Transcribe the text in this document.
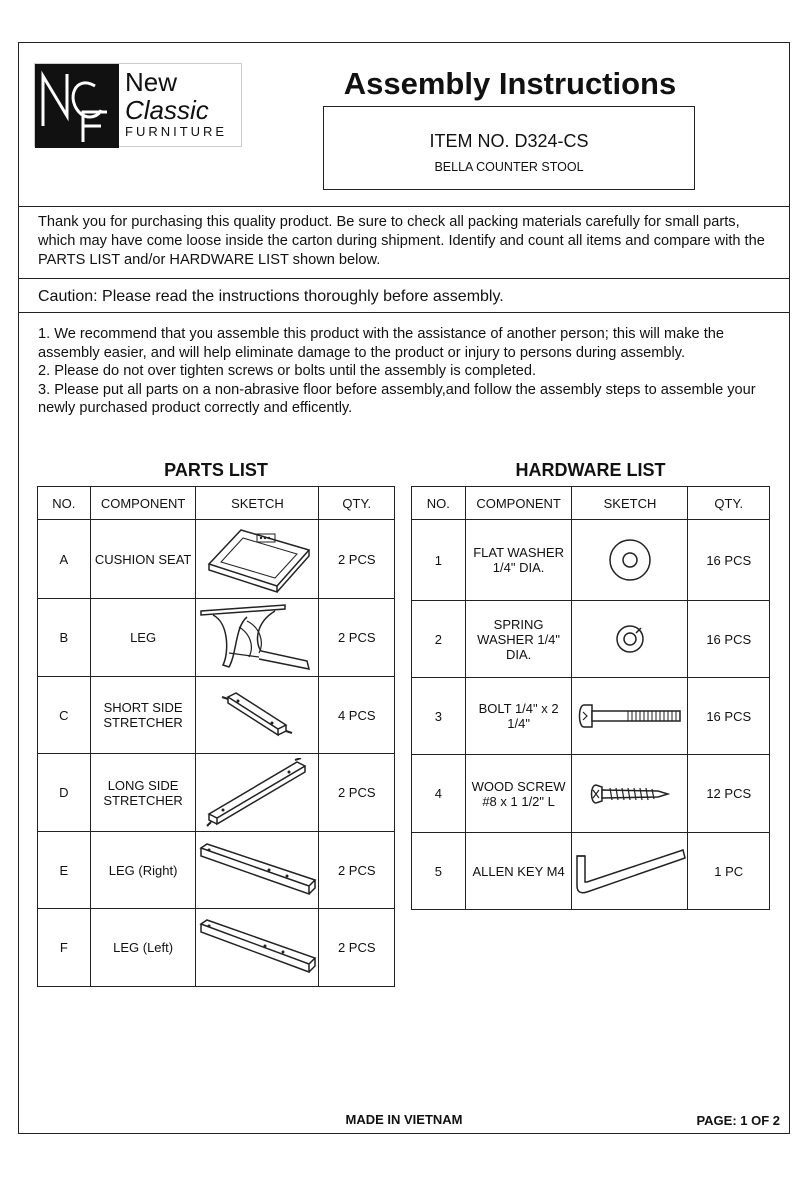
New
Classic
FURNITURE
Assembly Instructions
ITEM NO. D324-CS
BELLA COUNTER STOOL
Thank you for purchasing this quality product. Be sure to check all packing materials carefully for small parts, which may have come loose inside the carton during shipment. Identify and count all items and compare with the PARTS LIST and/or HARDWARE LIST shown below.
Caution: Please read the instructions thoroughly before assembly.

1. We recommend that you assemble this product with the assistance of another person; this will make the assembly easier, and will help eliminate damage to the product or injury to persons during assembly.

2. Please do not over tighten screws or bolts until the assembly is completed.

3. Please put all parts on a non-abrasive floor before assembly,and follow the assembly steps to assemble your newly purchased product correctly and efficently.

PARTS LIST
NO.	COMPONENT	SKETCH	QTY.
A	CUSHION SEAT		2 PCS
B	LEG		2 PCS
C	SHORT SIDE STRETCHER		4 PCS
D	LONG SIDE STRETCHER		2 PCS
E	LEG (Right)		2 PCS
F	LEG (Left)		2 PCS
HARDWARE LIST
NO.	COMPONENT	SKETCH	QTY.
1	FLAT WASHER 1/4" DIA.		16 PCS
2	SPRING WASHER 1/4" DIA.		16 PCS
3	BOLT 1/4" x 2 1/4"		16 PCS
4	WOOD SCREW #8 x 1 1/2" L		12 PCS
5	ALLEN KEY M4		1 PC
MADE IN VIETNAM	PAGE: 1 OF 2
